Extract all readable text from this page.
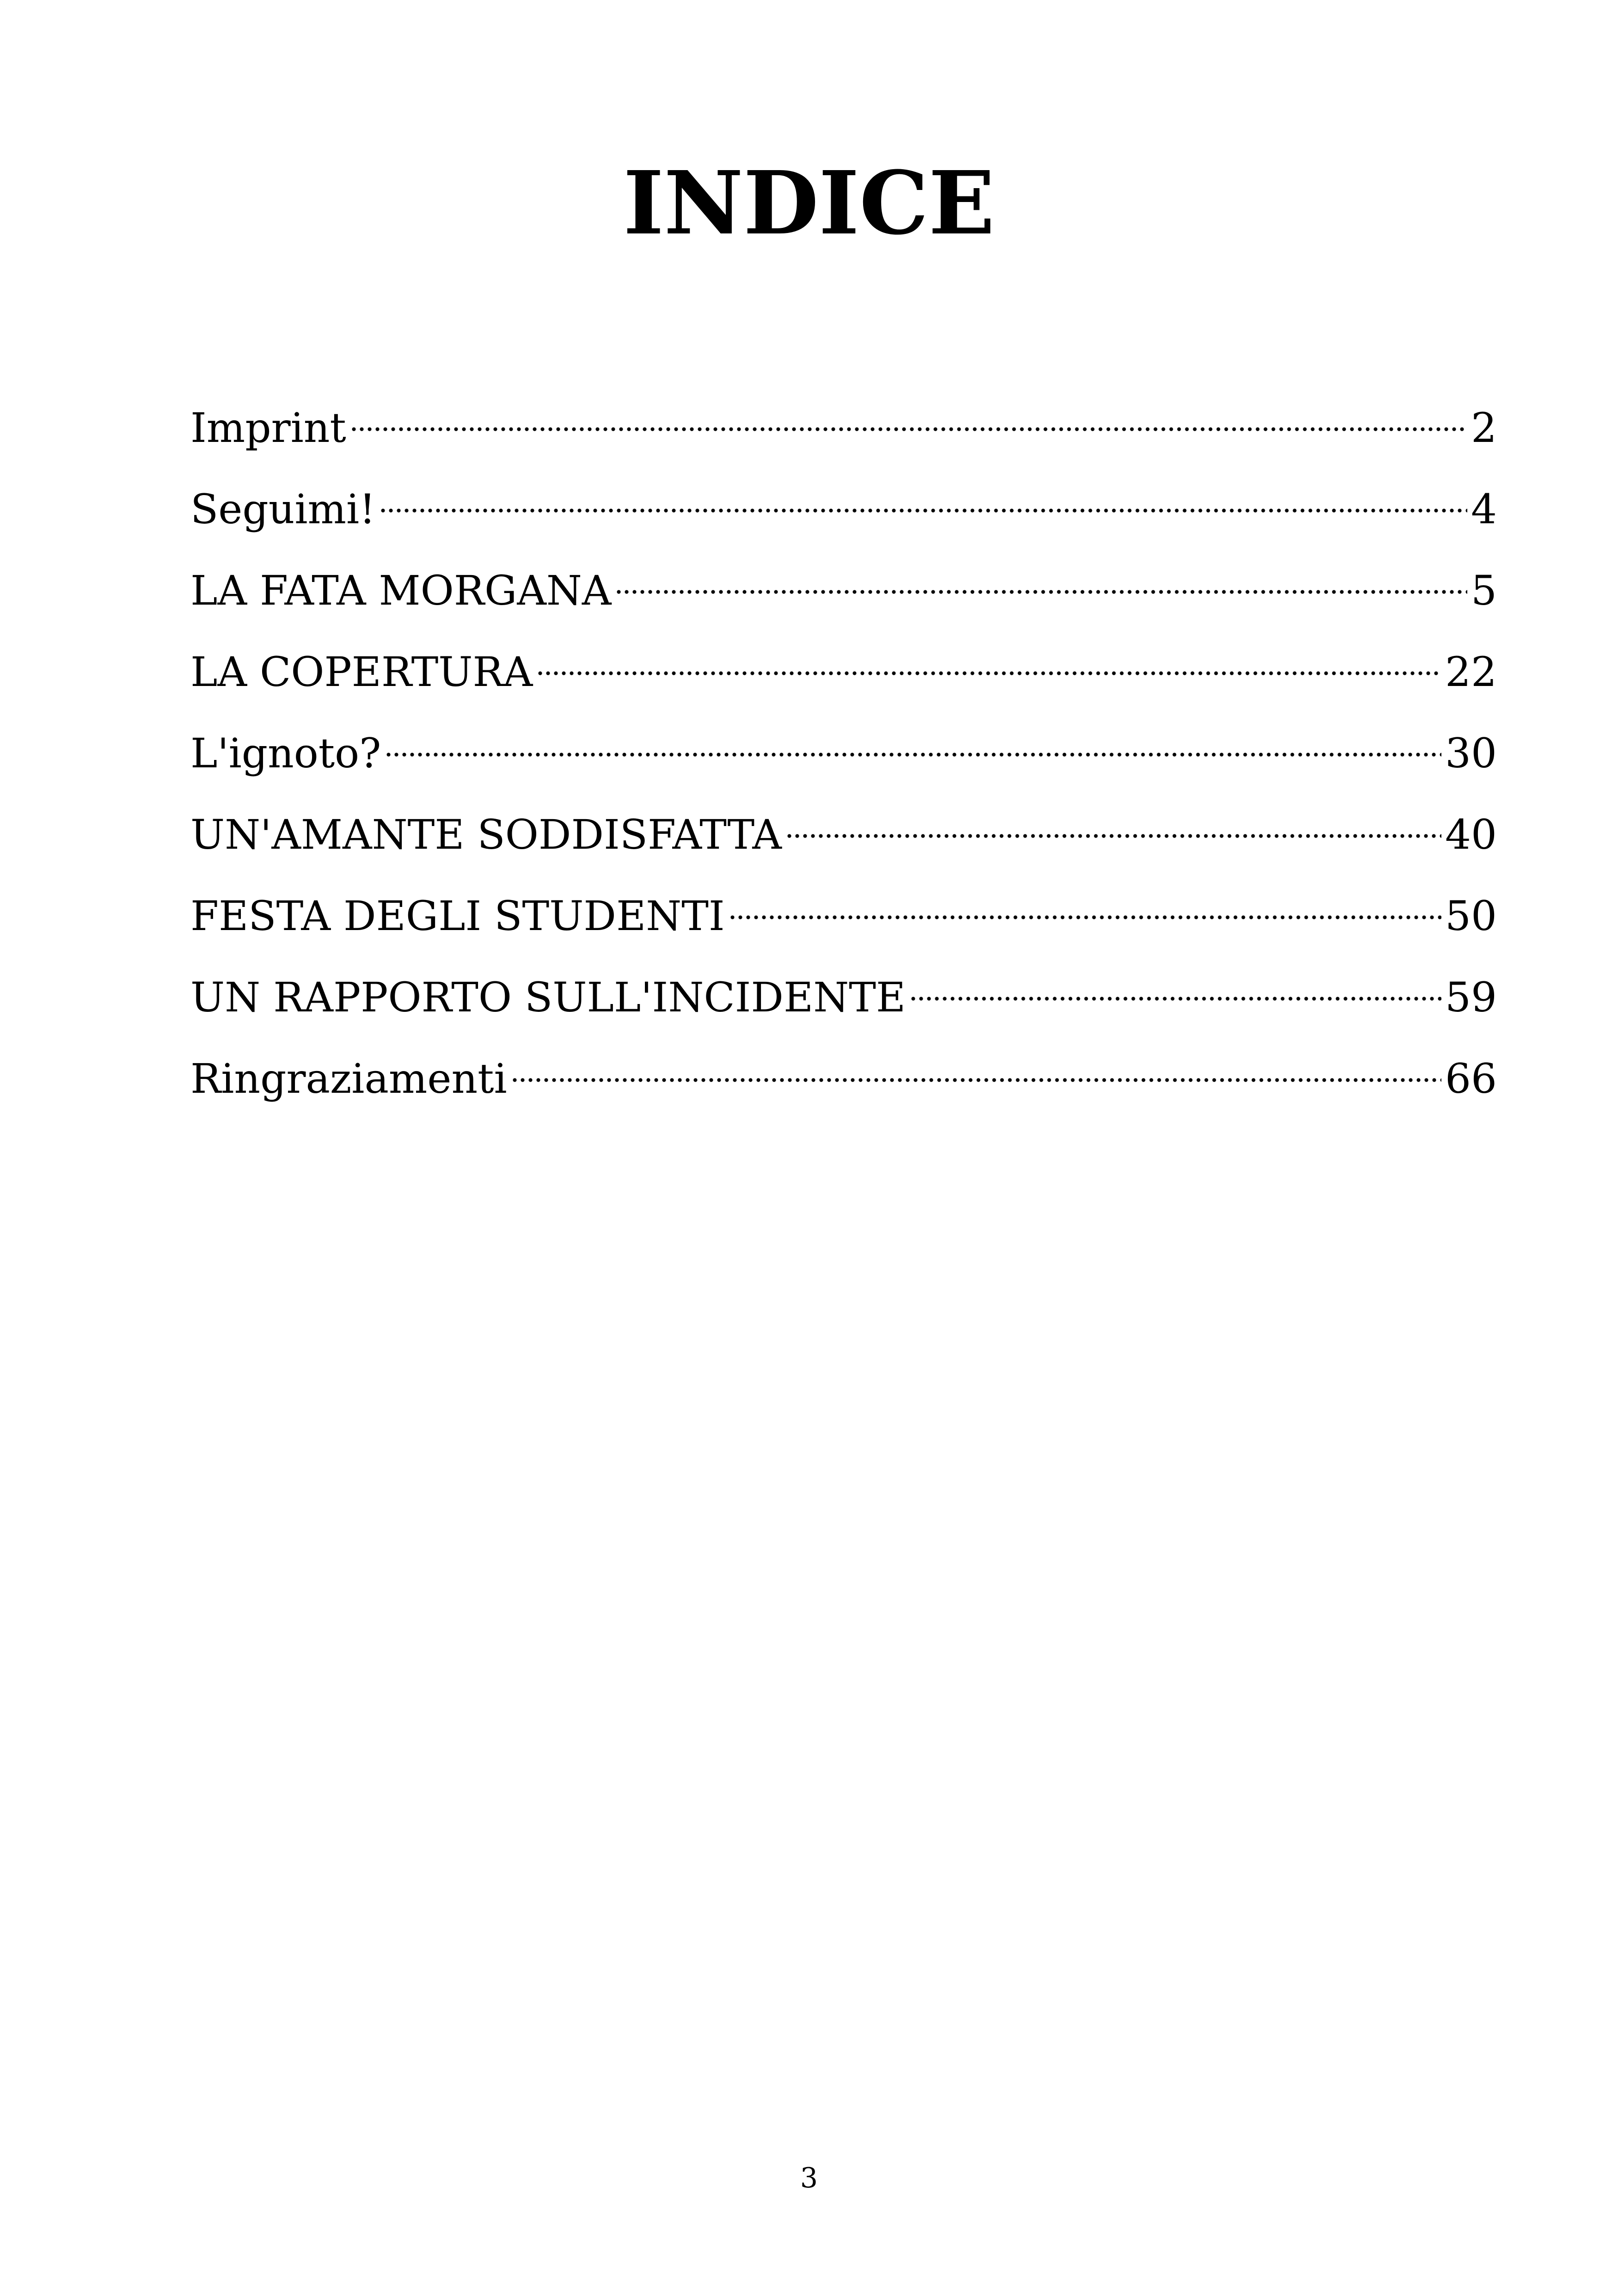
INDICE
Imprint	2
Seguimi!	4
LA FATA MORGANA	5
LA COPERTURA	22
L'ignoto?	30
UN'AMANTE SODDISFATTA	40
FESTA DEGLI STUDENTI	50
UN RAPPORTO SULL'INCIDENTE	59
Ringraziamenti	66
3
